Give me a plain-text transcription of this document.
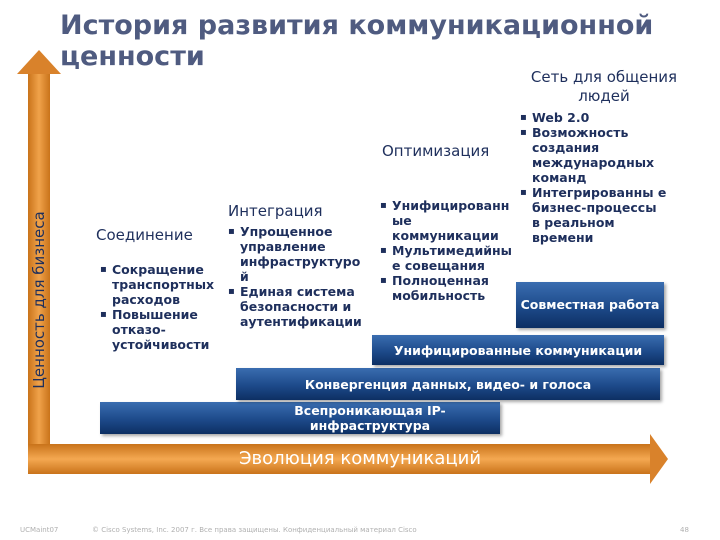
История развития коммуникационной
ценности
Ценность для бизнеса
Эволюция коммуникаций
Всепроникающая IP-инфраструктура
Конвергенция данных, видео- и голоса
Унифицированные коммуникации
Совместная работа
Соединение
▪ Сокращение транспортных расходов
▪ Повышение отказо-устойчивости
Интеграция
▪ Упрощенное управление инфраструктуро й
▪ Единая система безопасности и аутентификации
Оптимизация
▪ Унифицированн ые коммуникации
▪ Мультимедийны е совещания
▪ Полноценная мобильность
Сеть для общения людей
▪ Web 2.0
▪ Возможность создания международных команд
▪ Интегрированны е бизнес-процессы в реальном времени
UCMaint07	© Cisco Systems, Inc. 2007 г. Все права защищены. Конфиденциальный материал Cisco	48
